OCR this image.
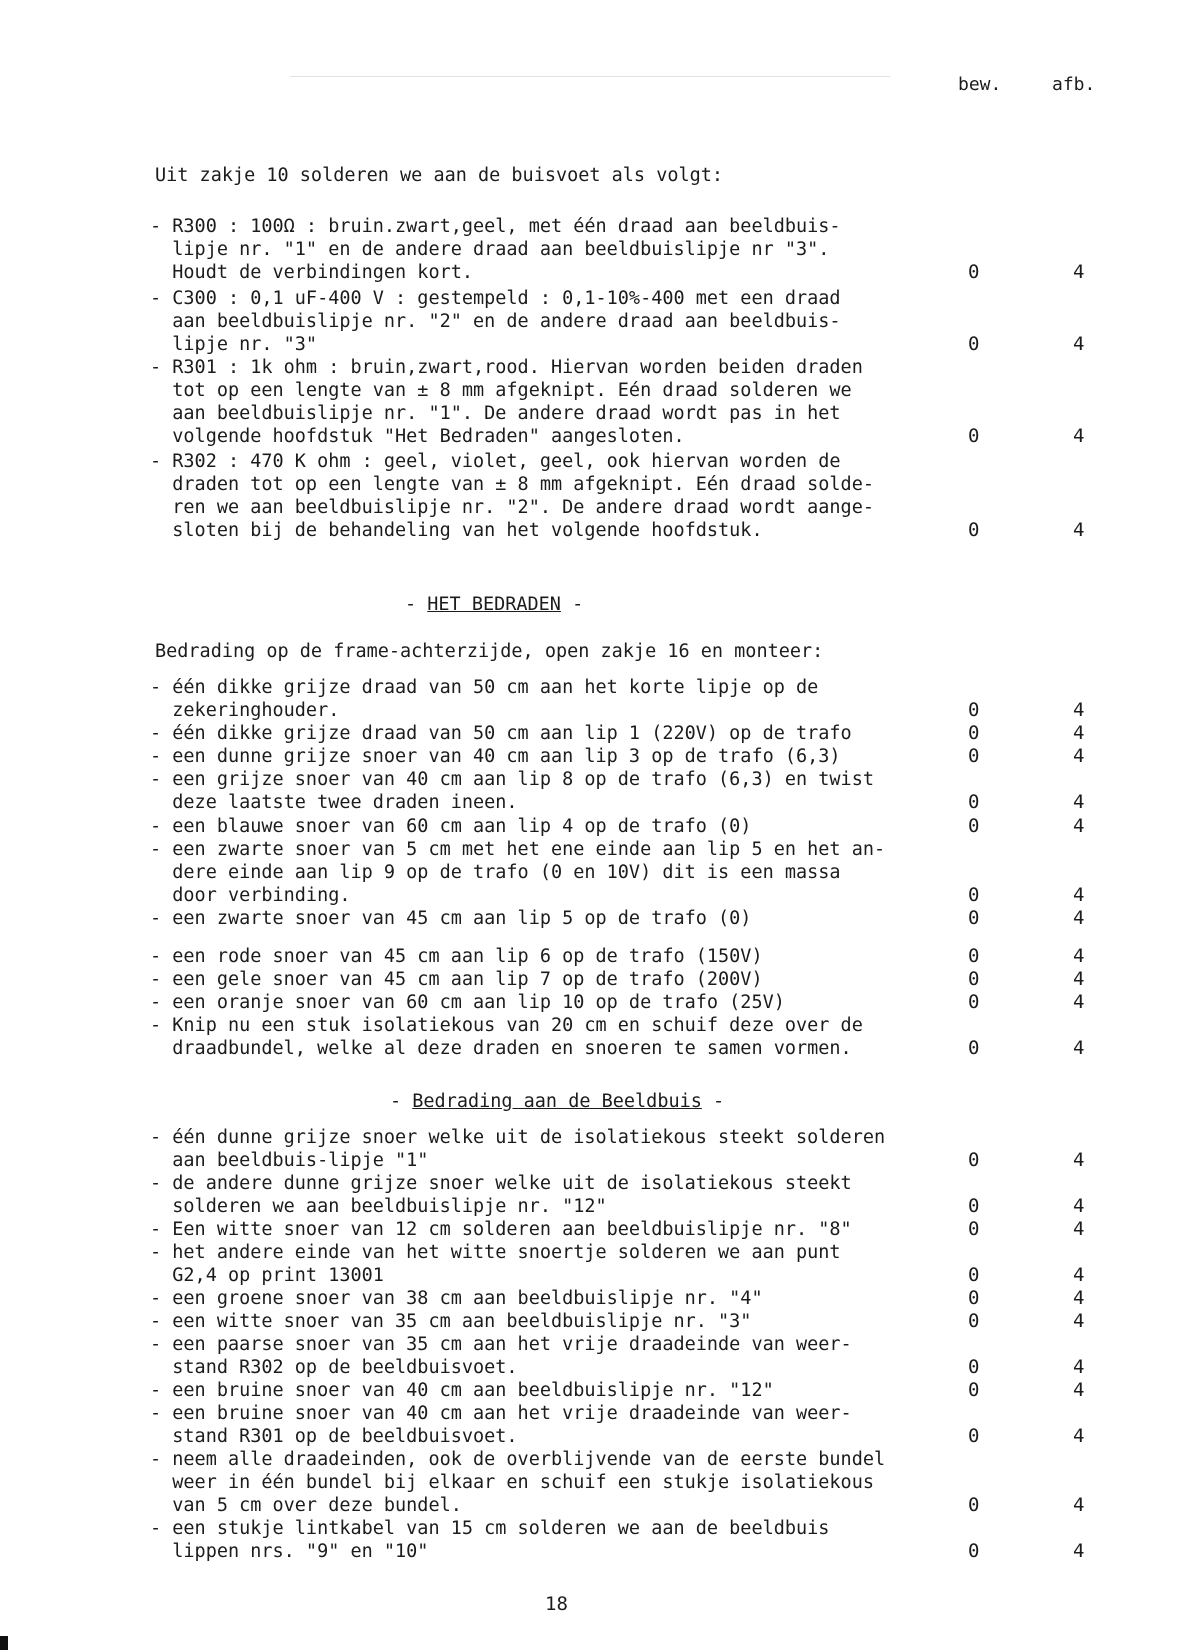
bew.	afb.
Uit zakje 10 solderen we aan de buisvoet als volgt:
- R300 : 100Ω : bruin.zwart,geel, met één draad aan beeldbuis-
lipje nr. "1" en de andere draad aan beeldbuislipje nr "3".
Houdt de verbindingen kort.	0	4
- C300 : 0,1 uF-400 V : gestempeld : 0,1-10%-400 met een draad
aan beeldbuislipje nr. "2" en de andere draad aan beeldbuis-
lipje nr. "3"	0	4
- R301 : 1k ohm : bruin,zwart,rood. Hiervan worden beiden draden
tot op een lengte van ± 8 mm afgeknipt. Eén draad solderen we
aan beeldbuislipje nr. "1". De andere draad wordt pas in het
volgende hoofdstuk "Het Bedraden" aangesloten.	0	4
- R302 : 470 K ohm : geel, violet, geel, ook hiervan worden de
draden tot op een lengte van ± 8 mm afgeknipt. Eén draad solde-
ren we aan beeldbuislipje nr. "2". De andere draad wordt aange-
sloten bij de behandeling van het volgende hoofdstuk.	0	4
- HET BEDRADEN -
Bedrading op de frame-achterzijde, open zakje 16 en monteer:
- één dikke grijze draad van 50 cm aan het korte lipje op de
zekeringhouder.	0	4
- één dikke grijze draad van 50 cm aan lip 1 (220V) op de trafo	0	4
- een dunne grijze snoer van 40 cm aan lip 3 op de trafo (6,3)	0	4
- een grijze snoer van 40 cm aan lip 8 op de trafo (6,3) en twist
deze laatste twee draden ineen.	0	4
- een blauwe snoer van 60 cm aan lip 4 op de trafo (0)	0	4
- een zwarte snoer van 5 cm met het ene einde aan lip 5 en het an-
dere einde aan lip 9 op de trafo (0 en 10V) dit is een massa
door verbinding.	0	4
- een zwarte snoer van 45 cm aan lip 5 op de trafo (0)	0	4
- een rode snoer van 45 cm aan lip 6 op de trafo (150V)	0	4
- een gele snoer van 45 cm aan lip 7 op de trafo (200V)	0	4
- een oranje snoer van 60 cm aan lip 10 op de trafo (25V)	0	4
- Knip nu een stuk isolatiekous van 20 cm en schuif deze over de
draadbundel, welke al deze draden en snoeren te samen vormen.	0	4
- Bedrading aan de Beeldbuis -
- één dunne grijze snoer welke uit de isolatiekous steekt solderen
aan beeldbuis-lipje "1"	0	4
- de andere dunne grijze snoer welke uit de isolatiekous steekt
solderen we aan beeldbuislipje nr. "12"	0	4
- Een witte snoer van 12 cm solderen aan beeldbuislipje nr. "8"	0	4
- het andere einde van het witte snoertje solderen we aan punt
G2,4 op print 13001	0	4
- een groene snoer van 38 cm aan beeldbuislipje nr. "4"	0	4
- een witte snoer van 35 cm aan beeldbuislipje nr. "3"	0	4
- een paarse snoer van 35 cm aan het vrije draadeinde van weer-
stand R302 op de beeldbuisvoet.	0	4
- een bruine snoer van 40 cm aan beeldbuislipje nr. "12"	0	4
- een bruine snoer van 40 cm aan het vrije draadeinde van weer-
stand R301 op de beeldbuisvoet.	0	4
- neem alle draadeinden, ook de overblijvende van de eerste bundel
weer in één bundel bij elkaar en schuif een stukje isolatiekous
van 5 cm over deze bundel.	0	4
- een stukje lintkabel van 15 cm solderen we aan de beeldbuis
lippen nrs. "9" en "10"	0	4
18
